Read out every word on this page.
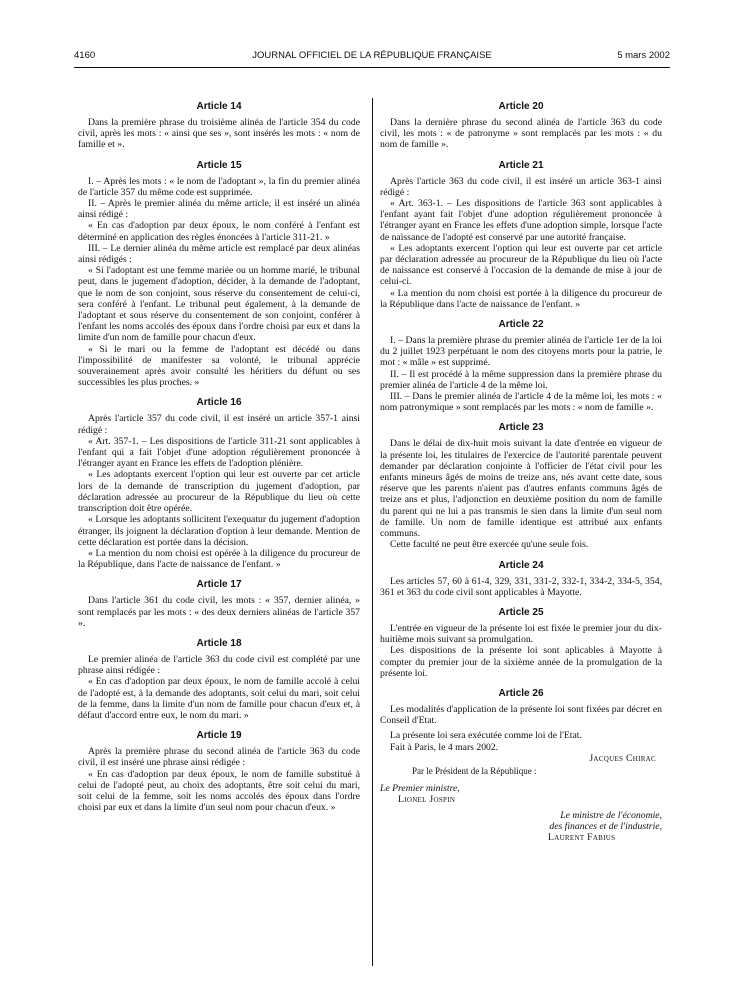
4160	JOURNAL OFFICIEL DE LA RÉPUBLIQUE FRANÇAISE	5 mars 2002
Article 14

Dans la première phrase du troisième alinéa de l'article 354 du code civil, après les mots : « ainsi que ses », sont insérés les mots : « nom de famille et ».

Article 15

I. – Après les mots : « le nom de l'adoptant », la fin du premier alinéa de l'article 357 du même code est supprimée.

II. – Après le premier alinéa du même article, il est inséré un alinéa ainsi rédigé :

« En cas d'adoption par deux époux, le nom conféré à l'enfant est déterminé en application des règles énoncées à l'article 311-21. »

III. – Le dernier alinéa du même article est remplacé par deux alinéas ainsi rédigés :

« Si l'adoptant est une femme mariée ou un homme marié, le tribunal peut, dans le jugement d'adoption, décider, à la demande de l'adoptant, que le nom de son conjoint, sous réserve du consentement de celui-ci, sera conféré à l'enfant. Le tribunal peut également, à la demande de l'adoptant et sous réserve du consentement de son conjoint, conférer à l'enfant les noms accolés des époux dans l'ordre choisi par eux et dans la limite d'un nom de famille pour chacun d'eux.

« Si le mari ou la femme de l'adoptant est décédé ou dans l'impossibilité de manifester sa volonté, le tribunal apprécie souverainement après avoir consulté les héritiers du défunt ou ses successibles les plus proches. »

Article 16

Après l'article 357 du code civil, il est inséré un article 357-1 ainsi rédigé :

« Art. 357-1. – Les dispositions de l'article 311-21 sont applicables à l'enfant qui a fait l'objet d'une adoption régulièrement prononcée à l'étranger ayant en France les effets de l'adoption plénière.

« Les adoptants exercent l'option qui leur est ouverte par cet article lors de la demande de transcription du jugement d'adoption, par déclaration adressée au procureur de la République du lieu où cette transcription doit être opérée.

« Lorsque les adoptants sollicitent l'exequatur du jugement d'adoption étranger, ils joignent la déclaration d'option à leur demande. Mention de cette déclaration est portée dans la décision.

« La mention du nom choisi est opérée à la diligence du procureur de la République, dans l'acte de naissance de l'enfant. »

Article 17

Dans l'article 361 du code civil, les mots : « 357, dernier alinéa, » sont remplacés par les mots : « des deux derniers alinéas de l'article 357 ».

Article 18

Le premier alinéa de l'article 363 du code civil est complété par une phrase ainsi rédigée :

« En cas d'adoption par deux époux, le nom de famille accolé à celui de l'adopté est, à la demande des adoptants, soit celui du mari, soit celui de la femme, dans la limite d'un nom de famille pour chacun d'eux et, à défaut d'accord entre eux, le nom du mari. »

Article 19

Après la première phrase du second alinéa de l'article 363 du code civil, il est inséré une phrase ainsi rédigée :

« En cas d'adoption par deux époux, le nom de famille substitué à celui de l'adopté peut, au choix des adoptants, être soit celui du mari, soit celui de la femme, soit les noms accolés des époux dans l'ordre choisi par eux et dans la limite d'un seul nom pour chacun d'eux. »

Article 20

Dans la dernière phrase du second alinéa de l'article 363 du code civil, les mots : « de patronyme » sont remplacés par les mots : « du nom de famille ».

Article 21

Après l'article 363 du code civil, il est inséré un article 363-1 ainsi rédigé :

« Art. 363-1. – Les dispositions de l'article 363 sont applicables à l'enfant ayant fait l'objet d'une adoption régulièrement prononcée à l'étranger ayant en France les effets d'une adoption simple, lorsque l'acte de naissance de l'adopté est conservé par une autorité française.

« Les adoptants exercent l'option qui leur est ouverte par cet article par déclaration adressée au procureur de la République du lieu où l'acte de naissance est conservé à l'occasion de la demande de mise à jour de celui-ci.

« La mention du nom choisi est portée à la diligence du procureur de la République dans l'acte de naissance de l'enfant. »

Article 22

I. – Dans la première phrase du premier alinéa de l'article 1er de la loi du 2 juillet 1923 perpétuant le nom des citoyens morts pour la patrie, le mot : « mâle » est supprimé.

II. – Il est procédé à la même suppression dans la première phrase du premier alinéa de l'article 4 de la même loi.

III. – Dans le premier alinéa de l'article 4 de la même loi, les mots : « nom patronymique » sont remplacés par les mots : « nom de famille ».

Article 23

Dans le délai de dix-huit mois suivant la date d'entrée en vigueur de la présente loi, les titulaires de l'exercice de l'autorité parentale peuvent demander par déclaration conjointe à l'officier de l'état civil pour les enfants mineurs âgés de moins de treize ans, nés avant cette date, sous réserve que les parents n'aient pas d'autres enfants communs âgés de treize ans et plus, l'adjonction en deuxième position du nom de famille du parent qui ne lui a pas transmis le sien dans la limite d'un seul nom de famille. Un nom de famille identique est attribué aux enfants communs.

Cette faculté ne peut être exercée qu'une seule fois.

Article 24

Les articles 57, 60 à 61-4, 329, 331, 331-2, 332-1, 334-2, 334-5, 354, 361 et 363 du code civil sont applicables à Mayotte.

Article 25

L'entrée en vigueur de la présente loi est fixée le premier jour du dix-huitième mois suivant sa promulgation.

Les dispositions de la présente loi sont aplicables à Mayotte à compter du premier jour de la sixième année de la promulgation de la présente loi.

Article 26

Les modalités d'application de la présente loi sont fixées par décret en Conseil d'Etat.

La présente loi sera exécutée comme loi de l'Etat.

Fait à Paris, le 4 mars 2002.

Jacques Chirac

Par le Président de la République :

Le Premier ministre,

Lionel Jospin

Le ministre de l'économie,

des finances et de l'industrie,

Laurent Fabius
